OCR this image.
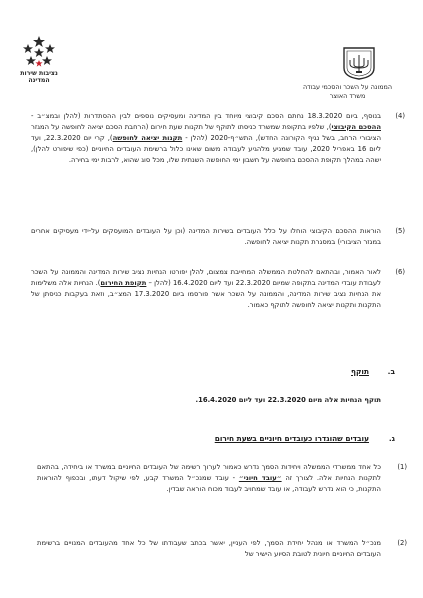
נציבות שירות המדינה
הממונה על השכר והסכמי עבודה
משרד האוצר
(4)

בנוסף, ביום 18.3.2020 נחתם הסכם קיבוצי מיוחד בין המדינה ומעסיקים נוספים לבין ההסתדרות (להלן ובמצ״ב - ההסכם הקיבוצי), שלפיו בתקופת שמשרד כניסתו לתוקף של תקנות שעת חירום (הרחבת הסכם יציאה לחופשה על המגזר הציבורי הרחב, בשל נגיף הקורונה החדש), התש״ף-2020 (להלן - תקנות יציאה לחופשה), קרי יום 22.3.2020, ועד ליום 16 באפריל 2020, עובד שמגיע מלהגיע לעבודה משום שאינו כלול ברשימת העובדים החיוניים (כפי שיפורט להלן), ישהה במהלך תקופת ההסכם בחופשה על חשבון ימי החופשה השנתית שלו, מכל סוג שהוא, לרבות ימי בחירה.

(5)

הוראות ההסכם הקיבוצי הוחלו על כלל העובדים בשירות המדינה (וכן על העובדים המועסקים על-ידי מעסיקים אחרים במגזר הציבורי) במסגרת תקנות יציאה לחופשה.

(6)

לאור האמור, ובהתאם להחלטת הממשלה המחייבת צמצום, להלן יפורטו הנחיות נציב שירות המדינה והממונה על השכר לעבודת עובדי המדינה בתקופה שמיום 22.3.2020 ועד ליום 16.4.2020 (להלן – תקופת החירום). הנחיות אלה משלימות את הנחיות נציב שירות המדינה, והממונה על השכר אשר פורסמו ביום 17.3.2020 המצ״ב, וזאת בעקבות כניסתן של התקנות ותקנות יציאה לחופשה לתוקף כאמור.

ב.תוקף
תוקף הנחיות אלה מיום 22.3.2020 ועד ליום 16.4.2020.
ג.עובדים שהוגדרו כעובדים חיוניים בשעת חירום
(1)

כל אחד ממשרדי הממשלה ויחידות הסמך נדרש כאמור לערוך רשימה של העובדים החיוניים במשרד או ביחידה, בהתאם לתקנות הנחיות אלה. לצורך זה ״עובד חיוני״ - עובד שמנכ״ל המשרד קבע, לפי שיקול דעתו, ובכפוף להוראות התקנות, כי הוא נדרש לעבודה, או עובד שמחויב לעבוד מכוח הוראה שבדין.

(2)

מנכ״ל המשרד או מנהל יחידת הסמך, לפי העניין, יאשר בכתב שעבודתו של כל אחד מהעובדים המנויים ברשימת העובדים החיוניים חיונית לטובת הסיוע הישיר של
